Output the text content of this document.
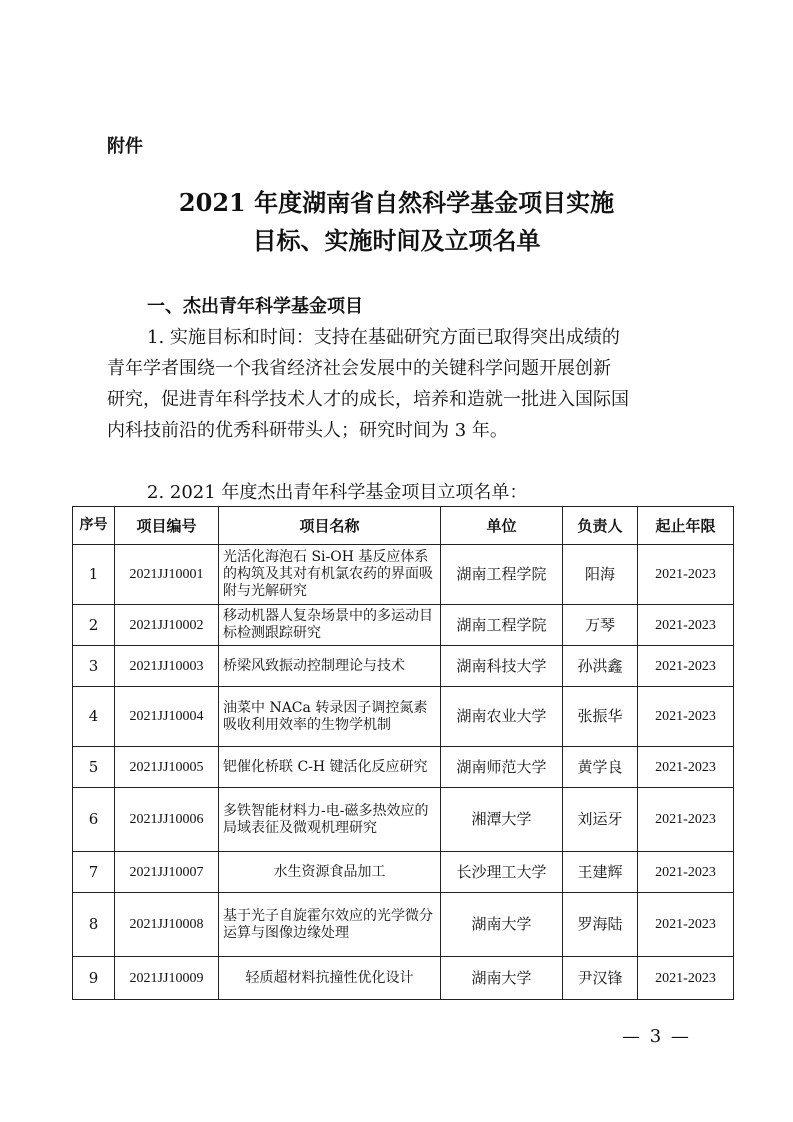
附件
2021 年度湖南省自然科学基金项目实施
目标、实施时间及立项名单
一、杰出青年科学基金项目
1. 实施目标和时间：支持在基础研究方面已取得突出成绩的
青年学者围绕一个我省经济社会发展中的关键科学问题开展创新
研究，促进青年科学技术人才的成长，培养和造就一批进入国际国
内科技前沿的优秀科研带头人；研究时间为 3 年。
2. 2021 年度杰出青年科学基金项目立项名单：
序号	项目编号	项目名称	单位	负责人	起止年限
1	2021JJ10001	光活化海泡石 Si-OH 基反应体系的构筑及其对有机氯农药的界面吸附与光解研究	湖南工程学院	阳海	2021-2023
2	2021JJ10002	移动机器人复杂场景中的多运动目标检测跟踪研究	湖南工程学院	万琴	2021-2023
3	2021JJ10003	桥梁风致振动控制理论与技术	湖南科技大学	孙洪鑫	2021-2023
4	2021JJ10004	油菜中 NACa 转录因子调控氮素吸收利用效率的生物学机制	湖南农业大学	张振华	2021-2023
5	2021JJ10005	钯催化桥联 C-H 键活化反应研究	湖南师范大学	黄学良	2021-2023
6	2021JJ10006	多铁智能材料力-电-磁多热效应的局域表征及微观机理研究	湘潭大学	刘运牙	2021-2023
7	2021JJ10007	水生资源食品加工	长沙理工大学	王建辉	2021-2023
8	2021JJ10008	基于光子自旋霍尔效应的光学微分运算与图像边缘处理	湖南大学	罗海陆	2021-2023
9	2021JJ10009	轻质超材料抗撞性优化设计	湖南大学	尹汉锋	2021-2023
— 3 —
